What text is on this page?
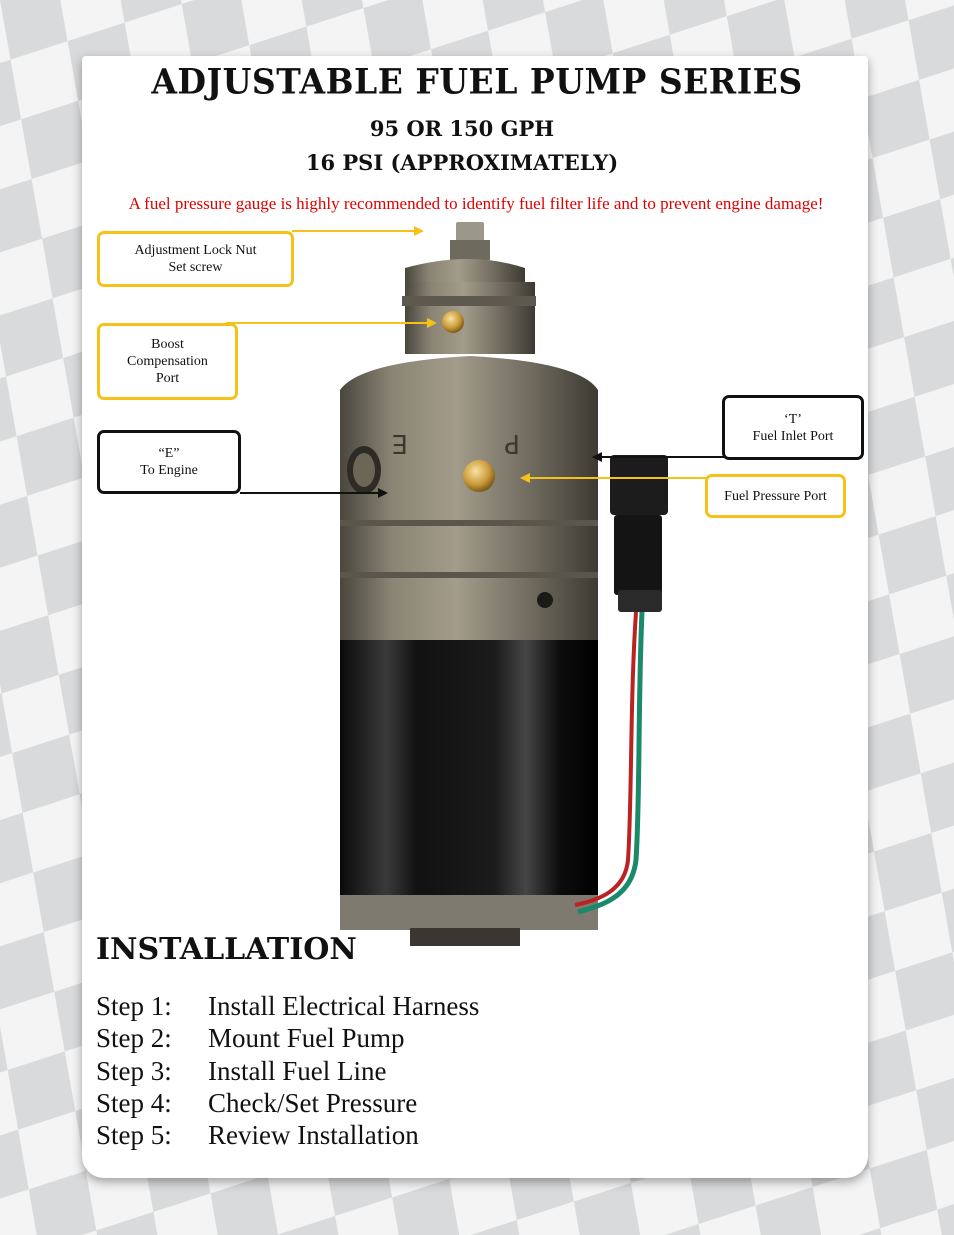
ADJUSTABLE FUEL PUMP SERIES
95 OR 150 GPH
16 PSI (APPROXIMATELY)
A fuel pressure gauge is highly recommended to identify fuel filter life and to prevent engine damage!
E	P
Adjustment Lock Nut
Set screw
Boost
Compensation
Port
“E”
To Engine
‘T’
Fuel Inlet Port
Fuel Pressure Port
INSTALLATION
Step 1:	Install Electrical Harness
Step 2:	Mount Fuel Pump
Step 3:	Install Fuel Line
Step 4:	Check/Set Pressure
Step 5:	Review Installation
